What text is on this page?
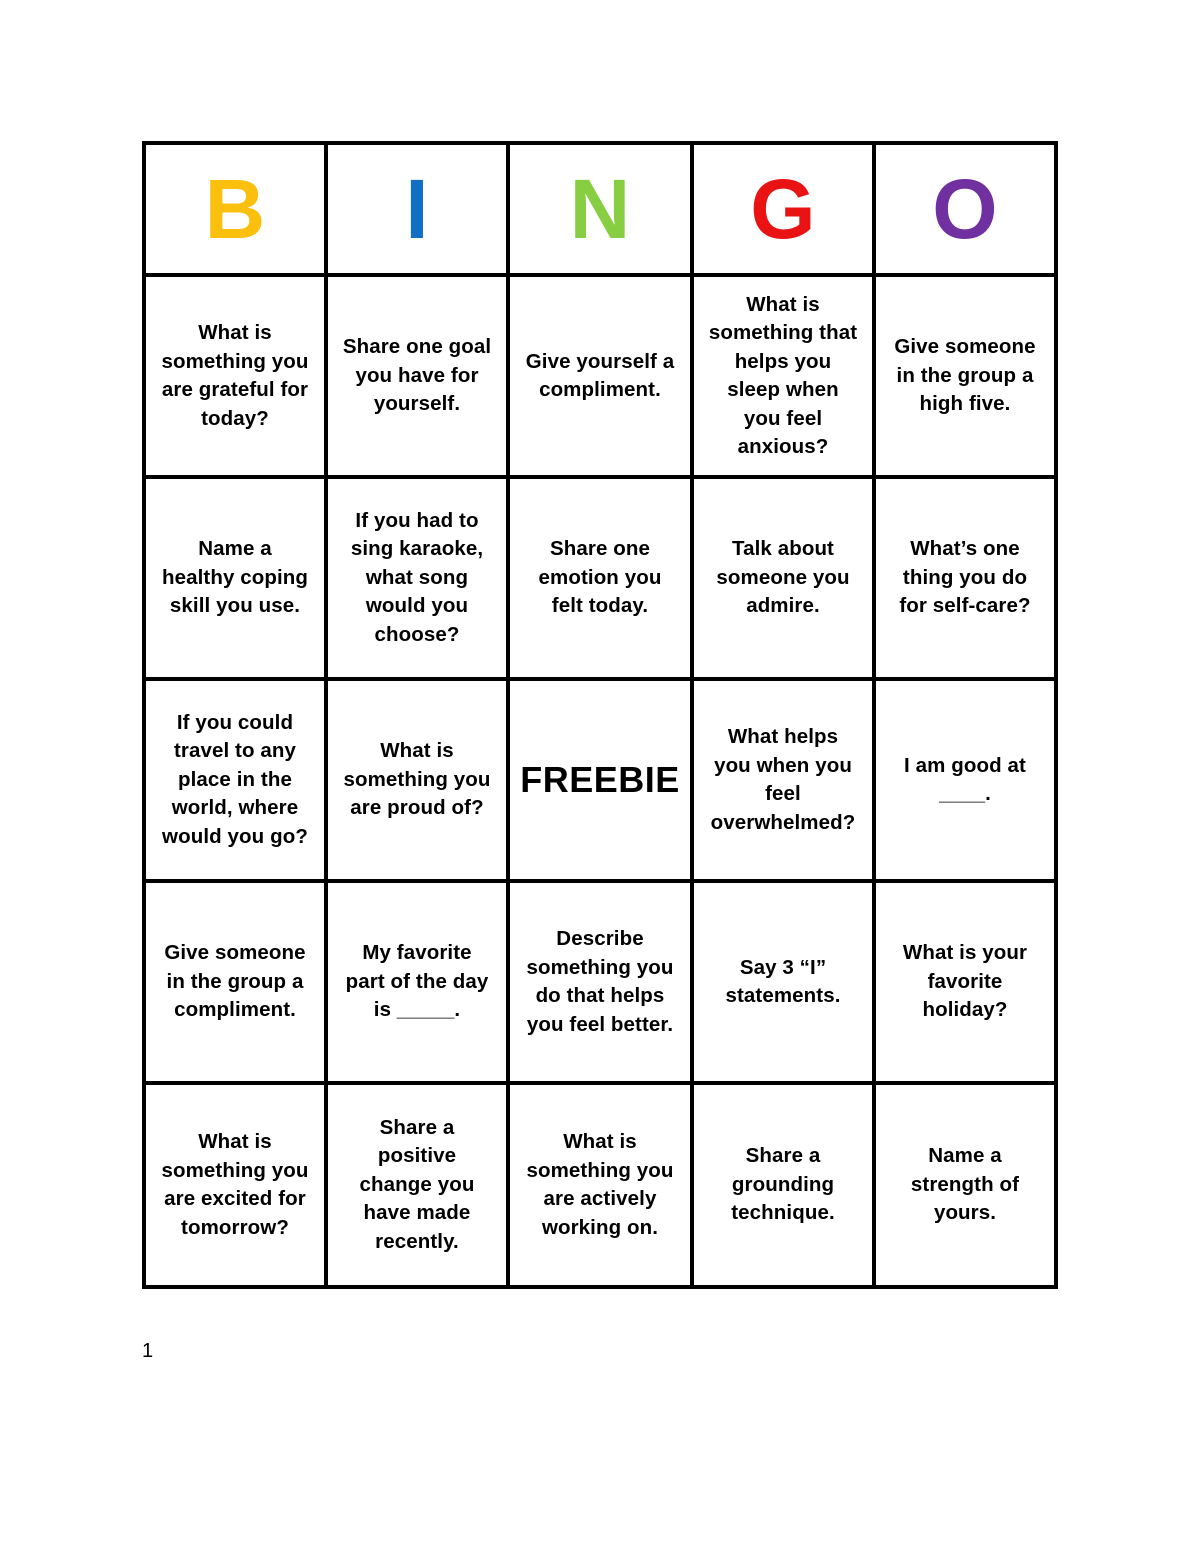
B I N G O
What is
something you
are grateful for
today?
Share one goal
you have for
yourself.
Give yourself a
compliment.
What is
something that
helps you
sleep when
you feel
anxious?
Give someone
in the group a
high five.
Name a
healthy coping
skill you use.
If you had to
sing karaoke,
what song
would you
choose?
Share one
emotion you
felt today.
Talk about
someone you
admire.
What’s one
thing you do
for self-care?
If you could
travel to any
place in the
world, where
would you go?
What is
something you
are proud of?
FREEBIE
What helps
you when you
feel
overwhelmed?
I am good at
____.
Give someone
in the group a
compliment.
My favorite
part of the day
is _____.
Describe
something you
do that helps
you feel better.
Say 3 “I”
statements.
What is your
favorite
holiday?
What is
something you
are excited for
tomorrow?
Share a
positive
change you
have made
recently.
What is
something you
are actively
working on.
Share a
grounding
technique.
Name a
strength of
yours.
1
